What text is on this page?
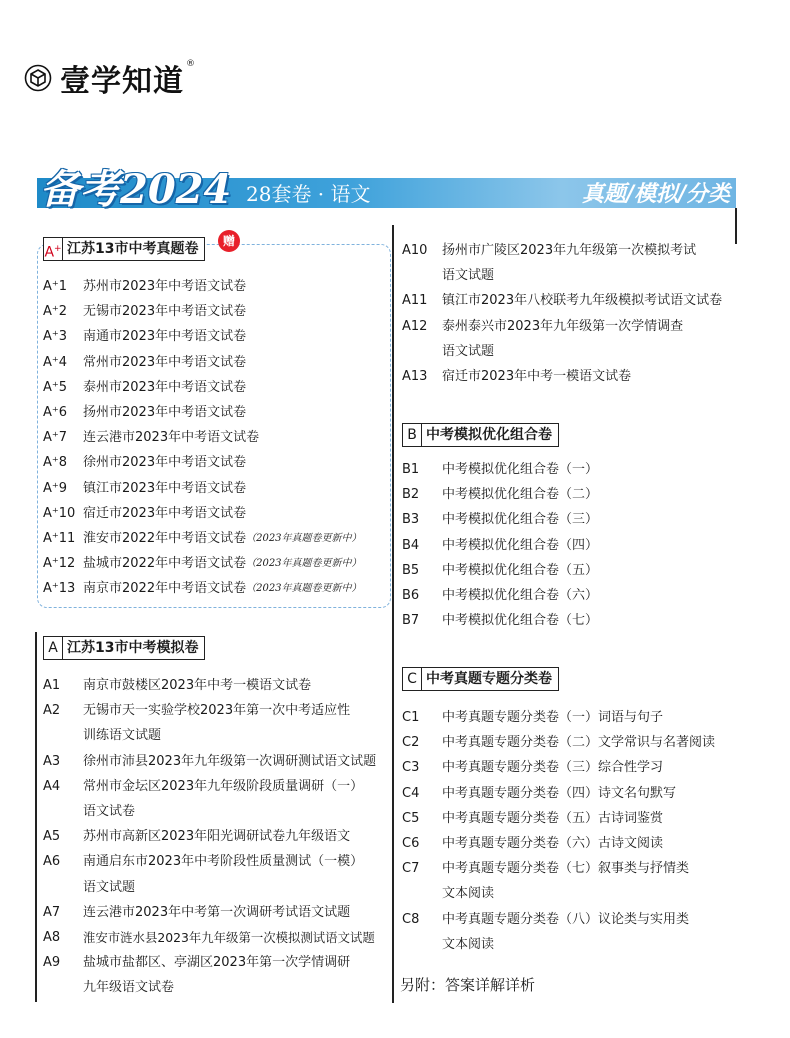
壹学知道 ®
备考2024 28套卷 · 语文	真题/模拟/分类
A+ 江苏13市中考真题卷	赠
A⁺1	苏州市2023年中考语文试卷
A⁺2	无锡市2023年中考语文试卷
A⁺3	南通市2023年中考语文试卷
A⁺4	常州市2023年中考语文试卷
A⁺5	泰州市2023年中考语文试卷
A⁺6	扬州市2023年中考语文试卷
A⁺7	连云港市2023年中考语文试卷
A⁺8	徐州市2023年中考语文试卷
A⁺9	镇江市2023年中考语文试卷
A⁺10 宿迁市2023年中考语文试卷
A⁺11 淮安市2022年中考语文试卷 （2023年真题卷更新中）
A⁺12 盐城市2022年中考语文试卷 （2023年真题卷更新中）
A⁺13 南京市2022年中考语文试卷 （2023年真题卷更新中）
A 江苏13市中考模拟卷
A1	南京市鼓楼区2023年中考一模语文试卷
A2	无锡市天一实验学校2023年第一次中考适应性
训练语文试题
A3	徐州市沛县2023年九年级第一次调研测试语文试题
A4	常州市金坛区2023年九年级阶段质量调研（一）
语文试卷
A5	苏州市高新区2023年阳光调研试卷九年级语文
A6	南通启东市2023年中考阶段性质量测试（一模）
语文试题
A7	连云港市2023年中考第一次调研考试语文试题
A8	淮安市涟水县2023年九年级第一次模拟测试语文试题
A9	盐城市盐都区、亭湖区2023年第一次学情调研
九年级语文试卷
A10	扬州市广陵区2023年九年级第一次模拟考试
语文试题
A11	镇江市2023年八校联考九年级模拟考试语文试卷
A12	泰州泰兴市2023年九年级第一次学情调查
语文试题
A13	宿迁市2023年中考一模语文试卷
B 中考模拟优化组合卷
B1	中考模拟优化组合卷（一）
B2	中考模拟优化组合卷（二）
B3	中考模拟优化组合卷（三）
B4	中考模拟优化组合卷（四）
B5	中考模拟优化组合卷（五）
B6	中考模拟优化组合卷（六）
B7	中考模拟优化组合卷（七）
C 中考真题专题分类卷
C1	中考真题专题分类卷（一）词语与句子
C2	中考真题专题分类卷（二）文学常识与名著阅读
C3	中考真题专题分类卷（三）综合性学习
C4	中考真题专题分类卷（四）诗文名句默写
C5	中考真题专题分类卷（五）古诗词鉴赏
C6	中考真题专题分类卷（六）古诗文阅读
C7	中考真题专题分类卷（七）叙事类与抒情类
文本阅读
C8	中考真题专题分类卷（八）议论类与实用类
文本阅读
另附：答案详解详析
